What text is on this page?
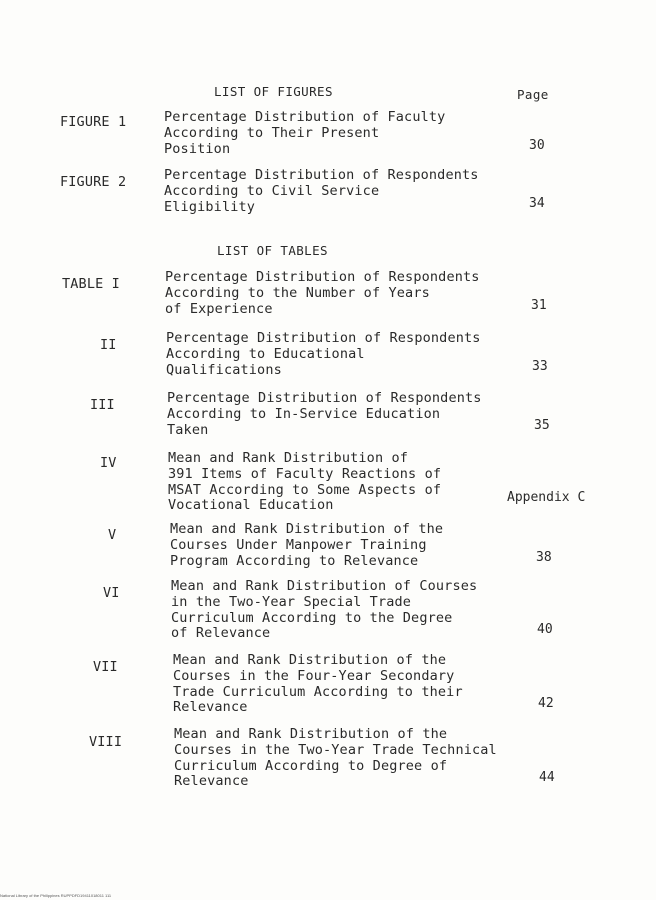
LIST OF FIGURES	Page
FIGURE 1	Percentage Distribution of Faculty
According to Their Present
Position	30
FIGURE 2	Percentage Distribution of Respondents
According to Civil Service
Eligibility	34
LIST OF TABLES
TABLE I	Percentage Distribution of Respondents
According to the Number of Years
of Experience	31
II	Percentage Distribution of Respondents
According to Educational
Qualifications	33
III	Percentage Distribution of Respondents
According to In-Service Education
Taken	35
IV	Mean and Rank Distribution of
391 Items of Faculty Reactions of
MSAT According to Some Aspects of
Vocational Education	Appendix C
V	Mean and Rank Distribution of the
Courses Under Manpower Training
Program According to Relevance	38
VI	Mean and Rank Distribution of Courses
in the Two-Year Special Trade
Curriculum According to the Degree
of Relevance	40
VII	Mean and Rank Distribution of the
Courses in the Four-Year Secondary
Trade Curriculum According to their
Relevance	42
VIII	Mean and Rank Distribution of the
Courses in the Two-Year Trade Technical
Curriculum According to Degree of
Relevance	44
National Library of the Philippines RUPPDFD19411018011 111
